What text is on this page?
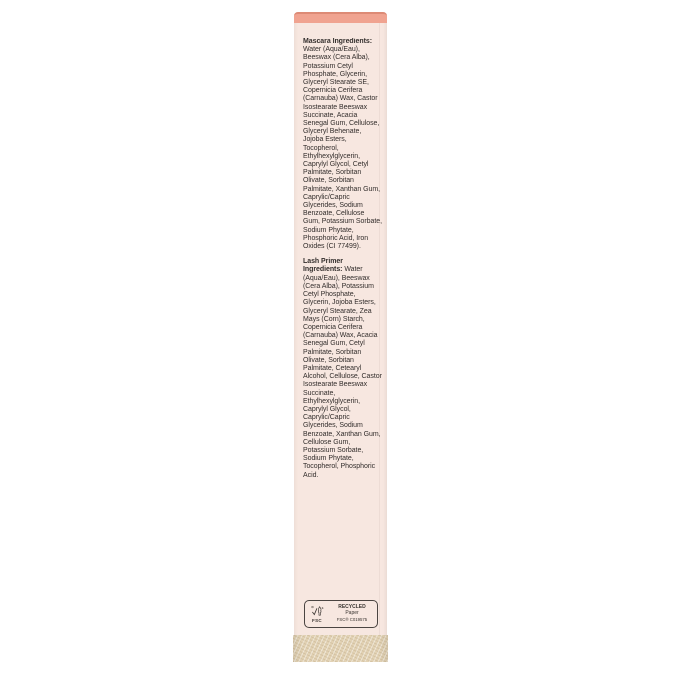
Mascara Ingredients: Water (Aqua/Eau), Beeswax (Cera Alba), Potassium Cetyl Phosphate, Glycerin, Glyceryl Stearate SE, Copernicia Cerifera (Carnauba) Wax, Castor Isostearate Beeswax Succinate, Acacia Senegal Gum, Cellulose, Glyceryl Behenate, Jojoba Esters, Tocopherol, Ethylhexylglycerin, Caprylyl Glycol, Cetyl Palmitate, Sorbitan Olivate, Sorbitan Palmitate, Xanthan Gum, Caprylic/Capric Glycerides, Sodium Benzoate, Cellulose Gum, Potassium Sorbate, Sodium Phytate, Phosphoric Acid, Iron Oxides (CI 77499).

Lash Primer Ingredients: Water (Aqua/Eau), Beeswax (Cera Alba), Potassium Cetyl Phosphate, Glycerin, Jojoba Esters, Glyceryl Stearate, Zea Mays (Corn) Starch, Copernicia Cerifera (Carnauba) Wax, Acacia Senegal Gum, Cetyl Palmitate, Sorbitan Olivate, Sorbitan Palmitate, Cetearyl Alcohol, Cellulose, Castor Isostearate Beeswax Succinate, Ethylhexylglycerin, Caprylyl Glycol, Caprylic/Capric Glycerides, Sodium Benzoate, Xanthan Gum, Cellulose Gum, Potassium Sorbate, Sodium Phytate, Tocopherol, Phosphoric Acid.

FSC
RECYCLED
Paper
FSC® C019575
